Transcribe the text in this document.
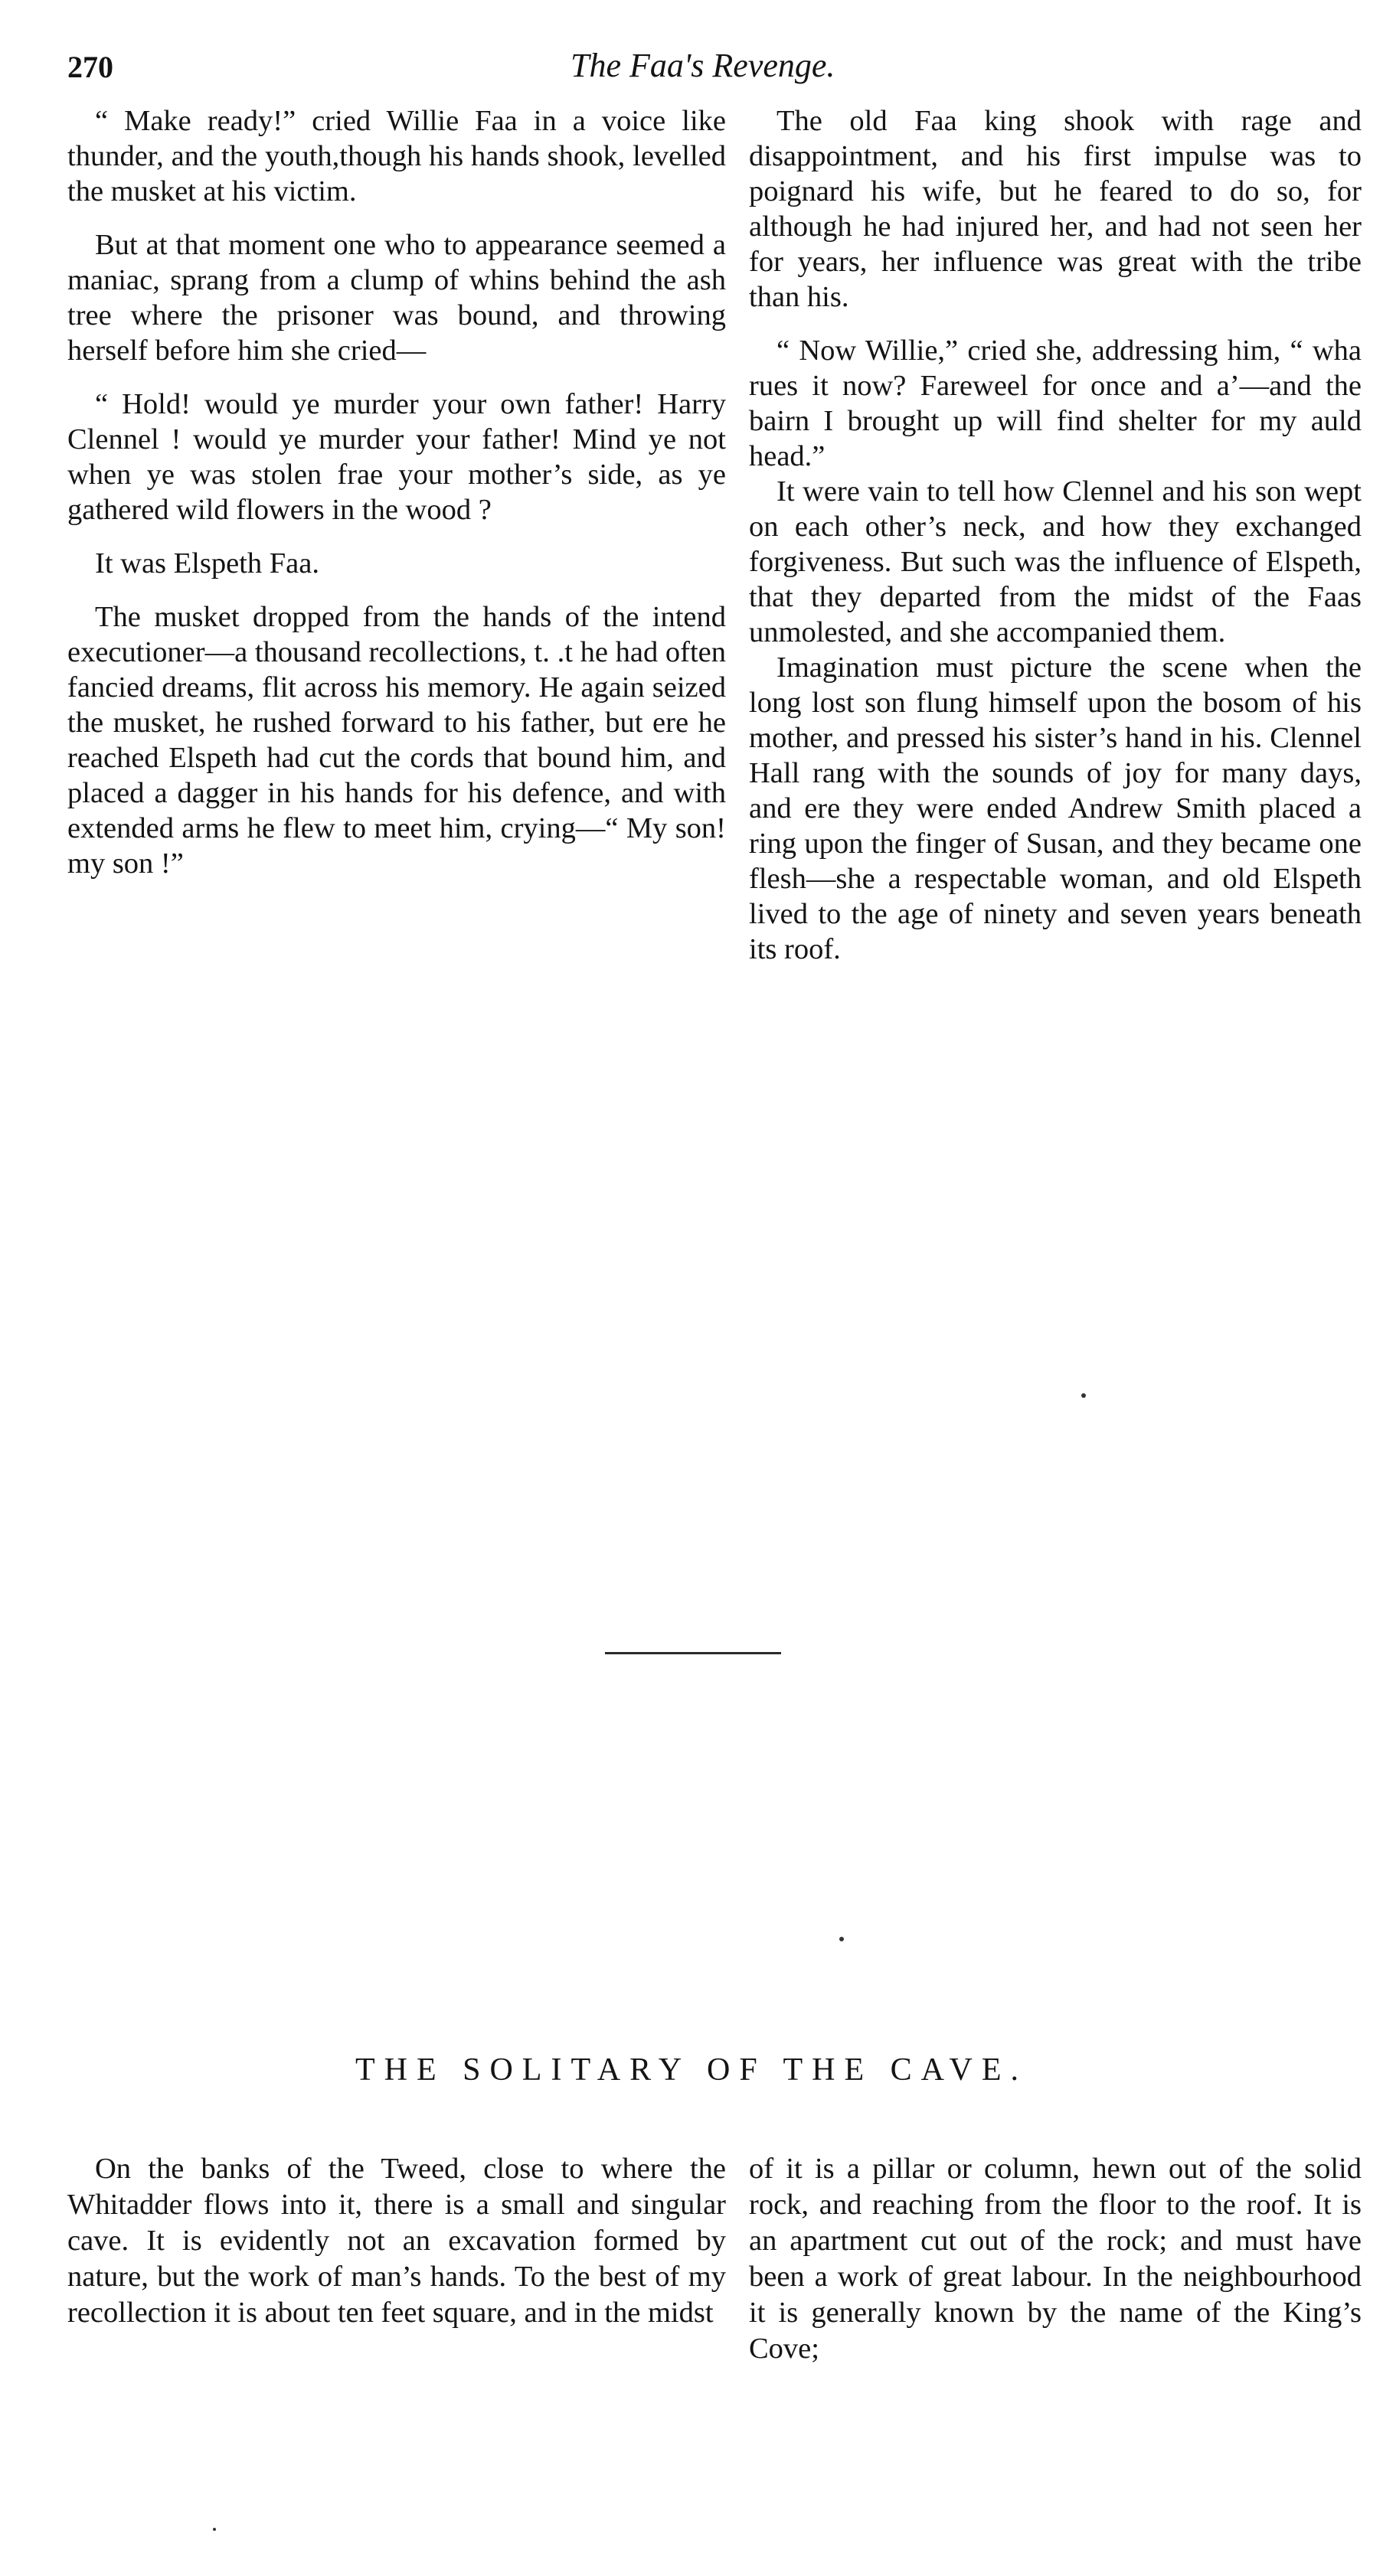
270	The Faa's Revenge.

“ Make ready!” cried Willie Faa in a voice like thunder, and the youth,though his hands shook, levelled the musket at his victim.

But at that moment one who to appearance seemed a maniac, sprang from a clump of whins behind the ash tree where the prisoner was bound, and throwing herself before him she cried—

“ Hold! would ye murder your own father! Harry Clennel ! would ye murder your father! Mind ye not when ye was stolen frae your mother’s side, as ye gathered wild flowers in the wood ?

It was Elspeth Faa.

The musket dropped from the hands of the intend executioner—a thousand recollections, t. .t he had often fancied dreams, flit across his memory. He again seized the musket, he rushed forward to his father, but ere he reached Elspeth had cut the cords that bound him, and placed a dagger in his hands for his defence, and with extended arms he flew to meet him, crying—“ My son! my son !”

The old Faa king shook with rage and disappointment, and his first impulse was to poignard his wife, but he feared to do so, for although he had injured her, and had not seen her for years, her influence was great with the tribe than his.

“ Now Willie,” cried she, addressing him, “ wha rues it now? Fareweel for once and a’—and the bairn I brought up will find shelter for my auld head.”

It were vain to tell how Clennel and his son wept on each other’s neck, and how they exchanged forgiveness. But such was the influence of Elspeth, that they departed from the midst of the Faas unmolested, and she accompanied them.

Imagination must picture the scene when the long lost son flung himself upon the bosom of his mother, and pressed his sister’s hand in his. Clennel Hall rang with the sounds of joy for many days, and ere they were ended Andrew Smith placed a ring upon the finger of Susan, and they became one flesh—she a respectable woman, and old Elspeth lived to the age of ninety and seven years beneath its roof.

THE SOLITARY OF THE CAVE.

On the banks of the Tweed, close to where the Whitadder flows into it, there is a small and singular cave. It is evidently not an excavation formed by nature, but the work of man’s hands. To the best of my recollection it is about ten feet square, and in the midst

of it is a pillar or column, hewn out of the solid rock, and reaching from the floor to the roof. It is an apartment cut out of the rock; and must have been a work of great labour. In the neighbourhood it is generally known by the name of the King’s Cove;
